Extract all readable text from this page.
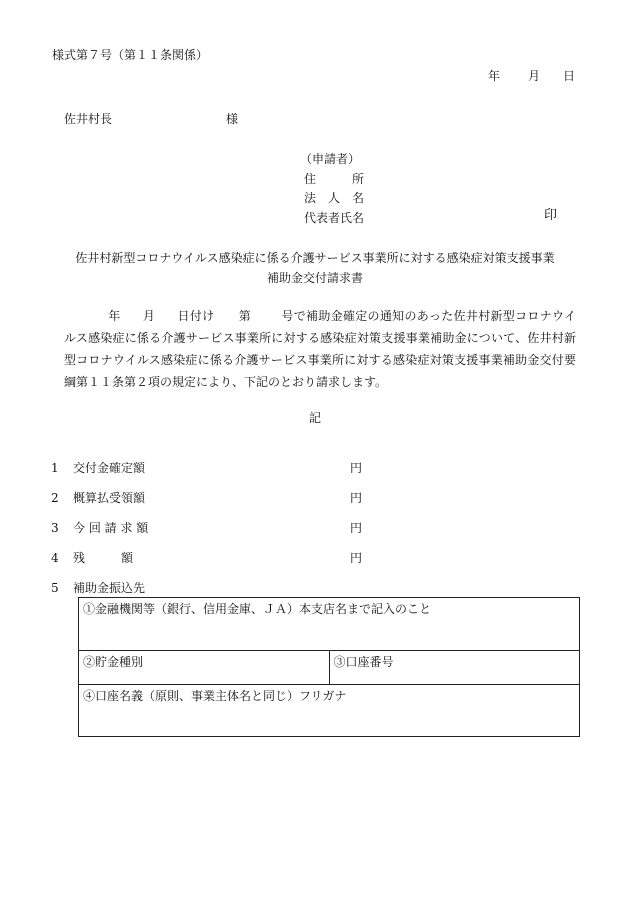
様式第７号（第１１条関係）
年 月 日
佐井村長	様
（申請者）
住　　　所
法　人　名
代表者氏名	印
佐井村新型コロナウイルス感染症に係る介護サービス事業所に対する感染症対策支援事業
補助金交付請求書
年 月 日付け 第	号で補助金確定の通知のあった佐井村新型コロナウイルス感染症に係る介護サービス事業所に対する感染症対策支援事業補助金について、佐井村新型コロナウイルス感染症に係る介護サービス事業所に対する感染症対策支援事業補助金交付要綱第１１条第２項の規定により、下記のとおり請求します。
記
1 交付金確定額	円
2 概算払受領額	円
3 今 回 請 求 額	円
4 残　　　額	円
5 補助金振込先
①金融機関等（銀行、信用金庫、ＪＡ）本支店名まで記入のこと
②貯金種別	③口座番号
④口座名義（原則、事業主体名と同じ）フリガナ
